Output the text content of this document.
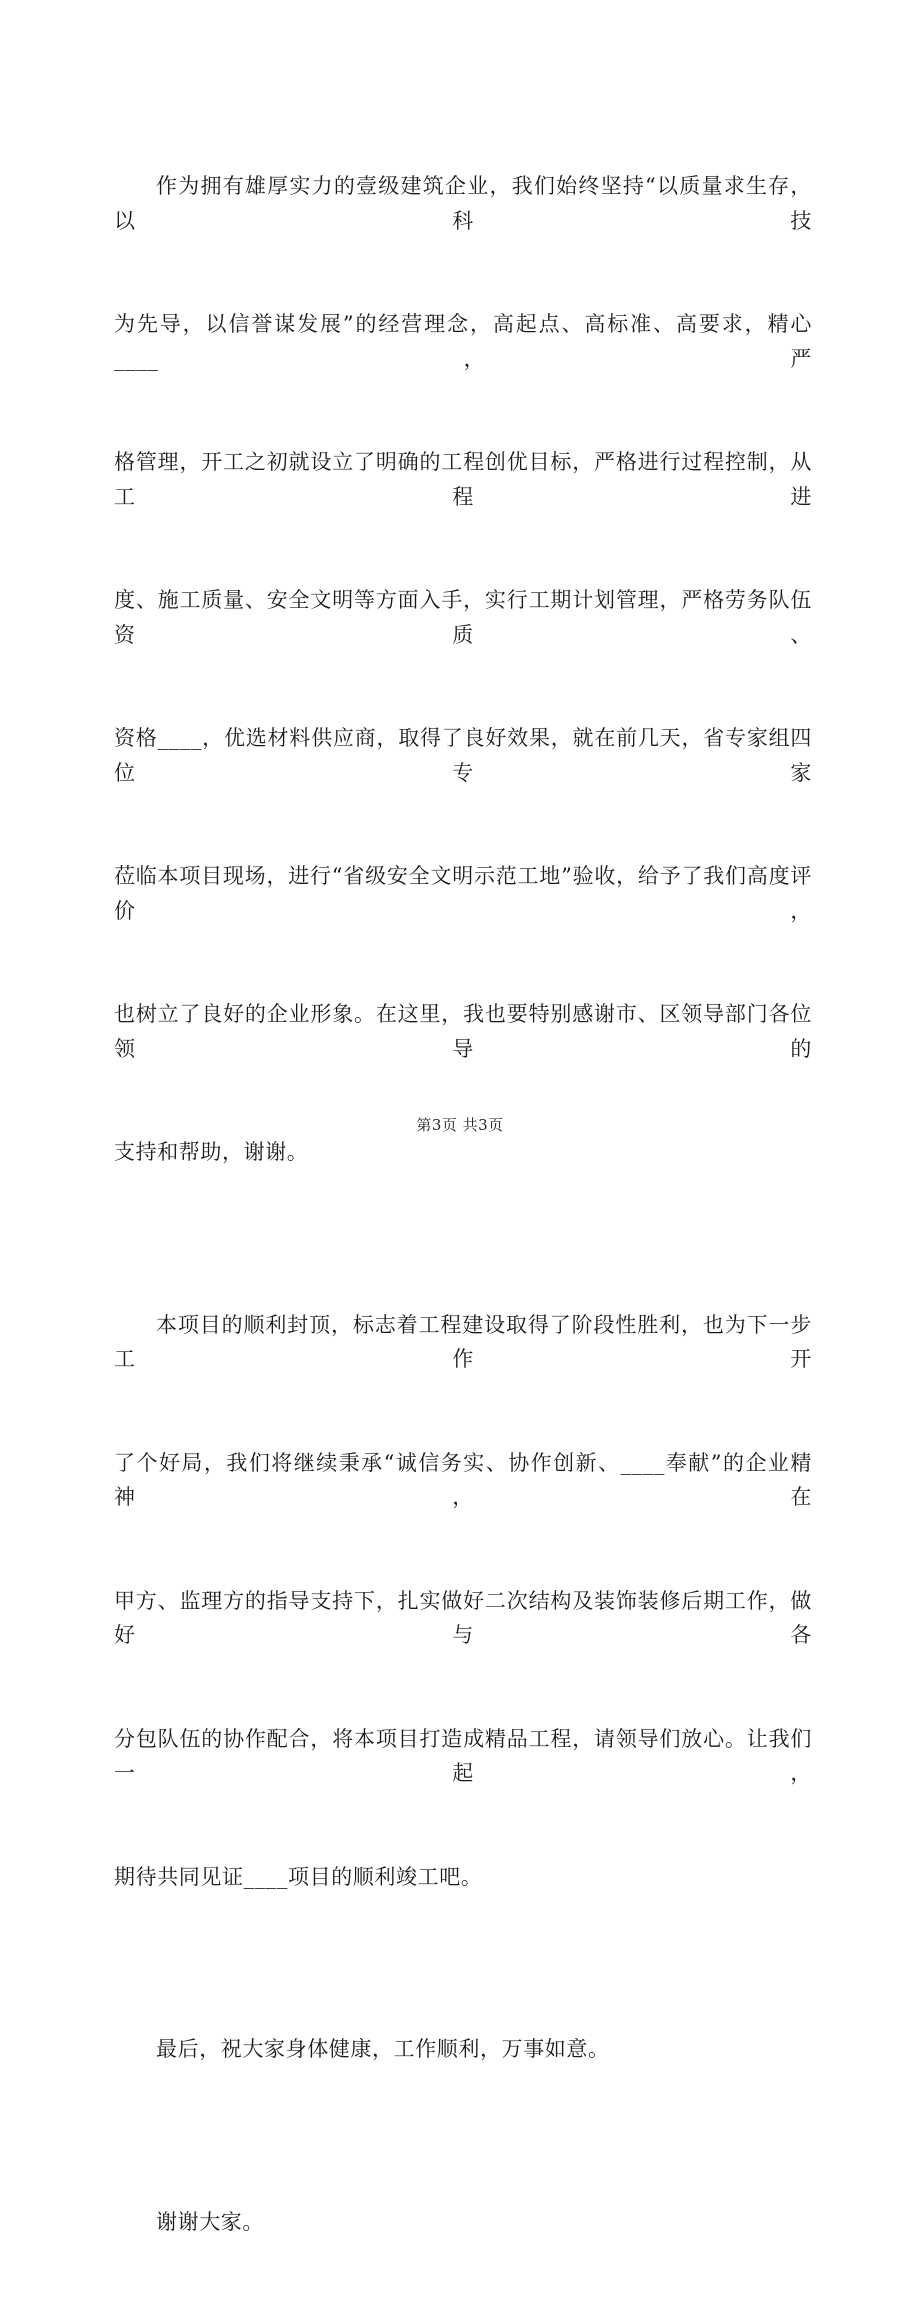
作为拥有雄厚实力的壹级建筑企业，我们始终坚持“以质量求生存，以科技

为先导，以信誉谋发展”的经营理念，高起点、高标准、高要求，精心____，严

格管理，开工之初就设立了明确的工程创优目标，严格进行过程控制，从工程进

度、施工质量、安全文明等方面入手，实行工期计划管理，严格劳务队伍资质、

资格____，优选材料供应商，取得了良好效果，就在前几天，省专家组四位专家

莅临本项目现场，进行“省级安全文明示范工地”验收，给予了我们高度评价，

也树立了良好的企业形象。在这里，我也要特别感谢市、区领导部门各位领导的

支持和帮助，谢谢。

本项目的顺利封顶，标志着工程建设取得了阶段性胜利，也为下一步工作开

了个好局，我们将继续秉承“诚信务实、协作创新、____奉献”的企业精神，在

甲方、监理方的指导支持下，扎实做好二次结构及装饰装修后期工作，做好与各

分包队伍的协作配合，将本项目打造成精品工程，请领导们放心。让我们一起，

期待共同见证____项目的顺利竣工吧。

最后，祝大家身体健康，工作顺利，万事如意。

谢谢大家。

第3页 共3页
